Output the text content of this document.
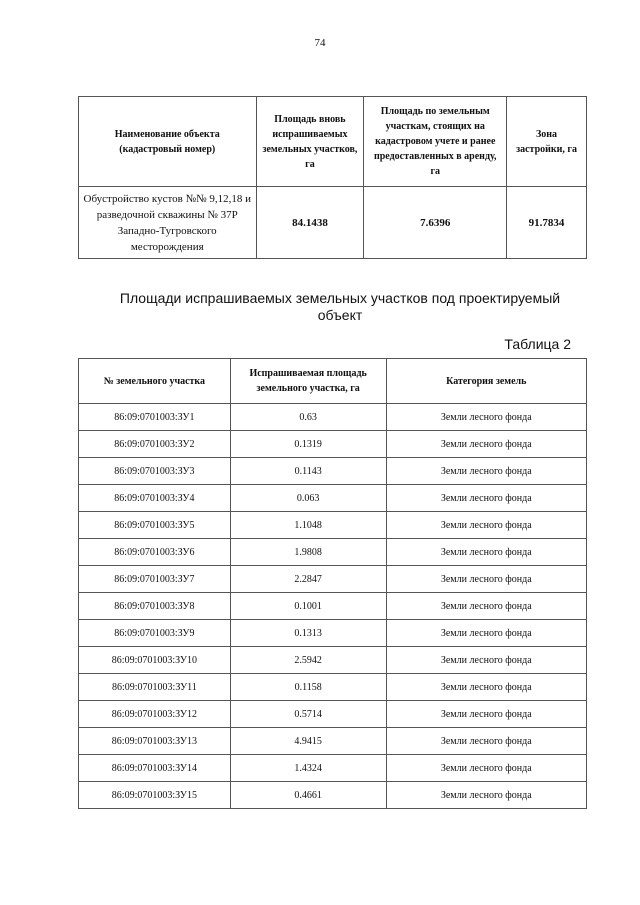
74
Наименование объекта (кадастровый номер)	Площадь вновь испрашиваемых земельных участков, га	Площадь по земельным участкам, стоящих на кадастровом учете и ранее предоставленных в аренду, га	Зона застройки, га
Обустройство кустов №№ 9,12,18 и разведочной скважины № 37Р Западно-Тугровского месторождения	84.1438	7.6396	91.7834
Площади испрашиваемых земельных участков под проектируемый объект
Таблица 2
№ земельного участка	Испрашиваемая площадь земельного участка, га	Категория земель
86:09:0701003:ЗУ1	0.63	Земли лесного фонда
86:09:0701003:ЗУ2	0.1319	Земли лесного фонда
86:09:0701003:ЗУ3	0.1143	Земли лесного фонда
86:09:0701003:ЗУ4	0.063	Земли лесного фонда
86:09:0701003:ЗУ5	1.1048	Земли лесного фонда
86:09:0701003:ЗУ6	1.9808	Земли лесного фонда
86:09:0701003:ЗУ7	2.2847	Земли лесного фонда
86:09:0701003:ЗУ8	0.1001	Земли лесного фонда
86:09:0701003:ЗУ9	0.1313	Земли лесного фонда
86:09:0701003:ЗУ10	2.5942	Земли лесного фонда
86:09:0701003:ЗУ11	0.1158	Земли лесного фонда
86:09:0701003:ЗУ12	0.5714	Земли лесного фонда
86:09:0701003:ЗУ13	4.9415	Земли лесного фонда
86:09:0701003:ЗУ14	1.4324	Земли лесного фонда
86:09:0701003:ЗУ15	0.4661	Земли лесного фонда
